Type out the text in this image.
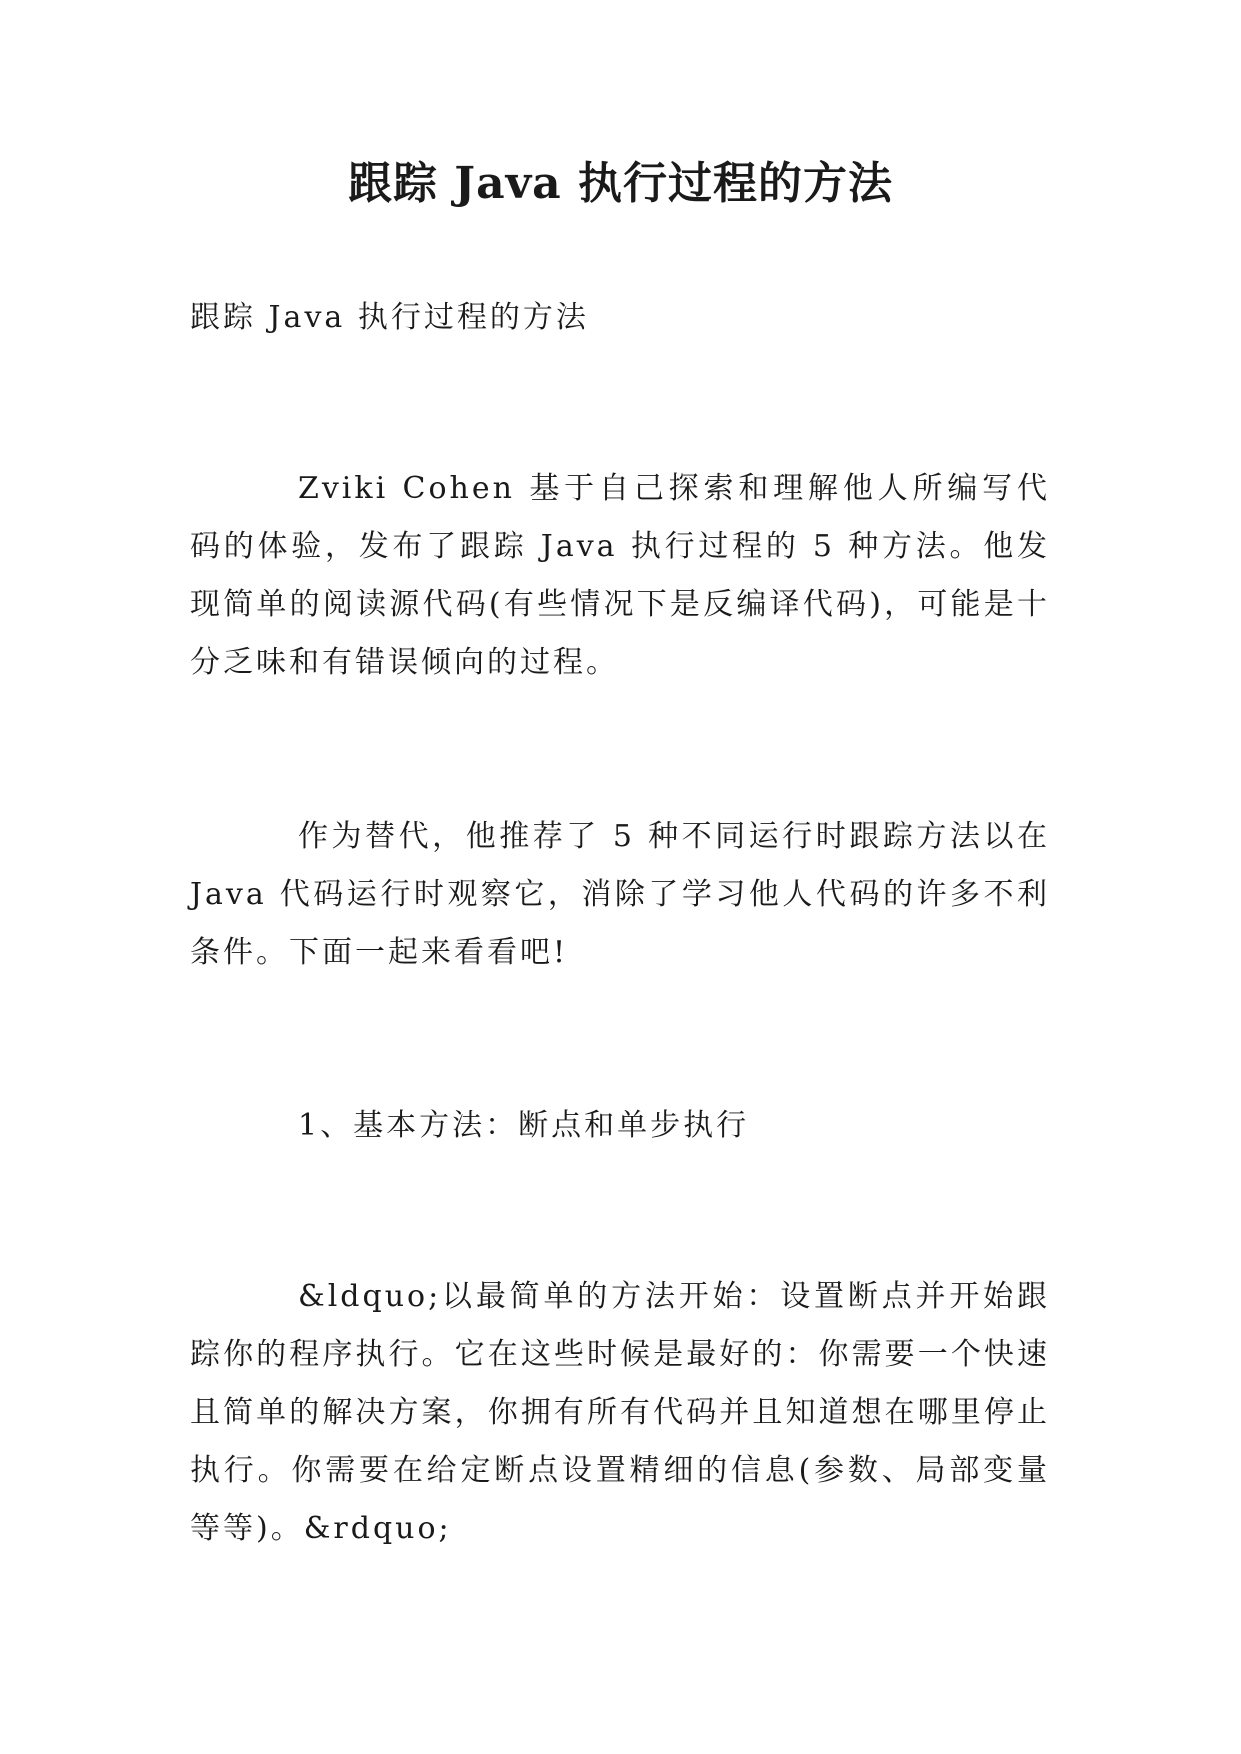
跟踪 Java 执行过程的方法

跟踪 Java 执行过程的方法

Zviki Cohen 基于自己探索和理解他人所编写代码的体验，发布了跟踪 Java 执行过程的 5 种方法。他发现简单的阅读源代码(有些情况下是反编译代码)，可能是十分乏味和有错误倾向的过程。

作为替代，他推荐了 5 种不同运行时跟踪方法以在 Java 代码运行时观察它，消除了学习他人代码的许多不利条件。下面一起来看看吧!

1、基本方法：断点和单步执行

&ldquo;以最简单的方法开始：设置断点并开始跟踪你的程序执行。它在这些时候是最好的：你需要一个快速且简单的解决方案，你拥有所有代码并且知道想在哪里停止执行。你需要在给定断点设置精细的信息(参数、局部变量等等)。&rdquo;
